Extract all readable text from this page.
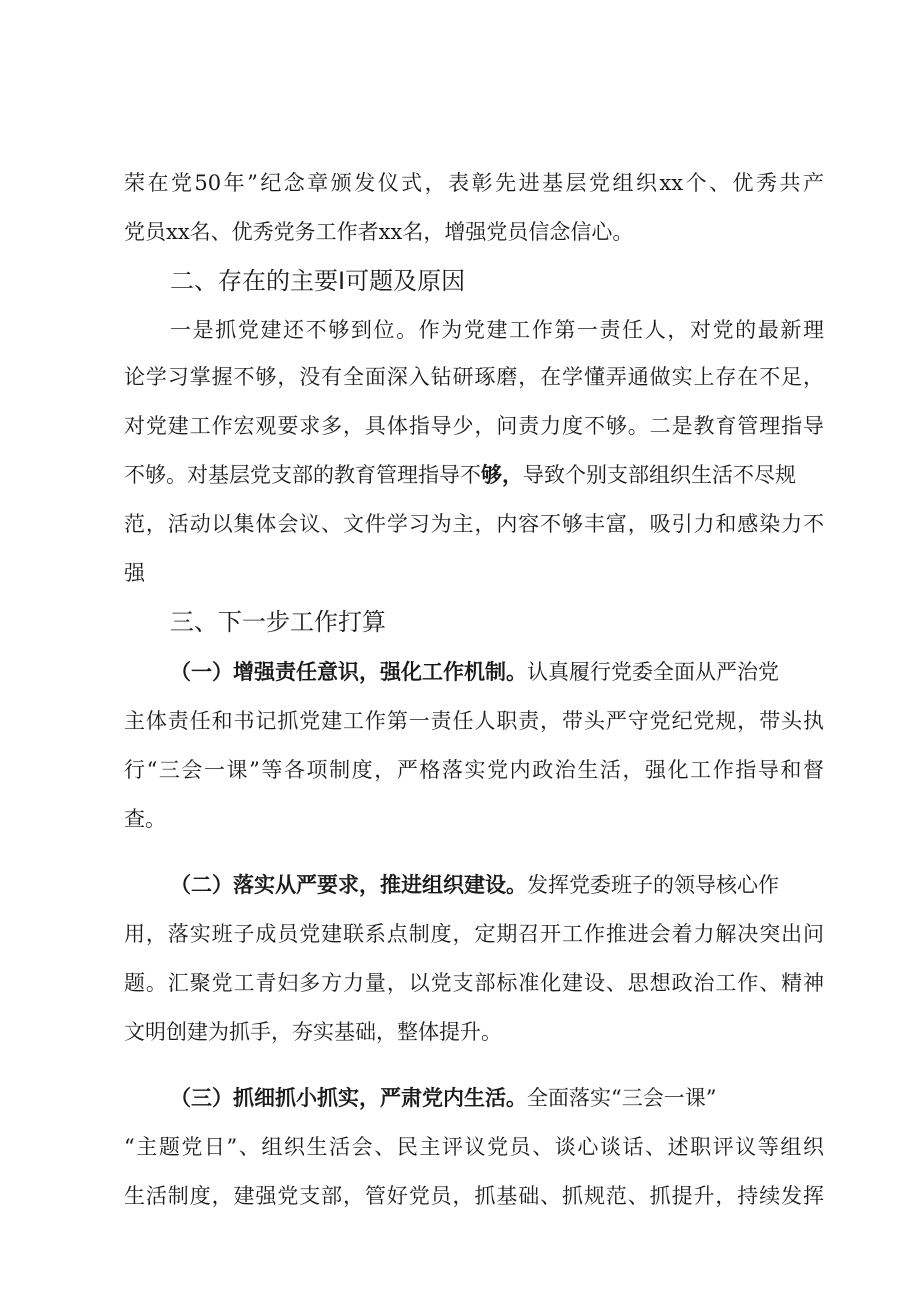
荣在党50年”纪念章颁发仪式，表彰先进基层党组织xx个、优秀共产
党员xx名、优秀党务工作者xx名，增强党员信念信心。
二、存在的主要I可题及原因
一是抓党建还不够到位。作为党建工作第一责任人，对党的最新理
论学习掌握不够，没有全面深入钻研琢磨，在学懂弄通做实上存在不足，
对党建工作宏观要求多，具体指导少，问责力度不够。二是教育管理指导
不够。对基层党支部的教育管理指导不够，导致个别支部组织生活不尽规
范，活动以集体会议、文件学习为主，内容不够丰富，吸引力和感染力不
强
三、下一步工作打算
（一）增强责任意识，强化工作机制。认真履行党委全面从严治党
主体责任和书记抓党建工作第一责任人职责，带头严守党纪党规，带头执
行“三会一课”等各项制度，严格落实党内政治生活，强化工作指导和督
查。
（二）落实从严要求，推进组织建设。发挥党委班子的领导核心作
用，落实班子成员党建联系点制度，定期召开工作推进会着力解决突出问
题。汇聚党工青妇多方力量，以党支部标准化建设、思想政治工作、精神
文明创建为抓手，夯实基础，整体提升。
（三）抓细抓小抓实，严肃党内生活。全面落实“三会一课”
“主题党日”、组织生活会、民主评议党员、谈心谈话、述职评议等组织
生活制度，建强党支部，管好党员，抓基础、抓规范、抓提升，持续发挥
